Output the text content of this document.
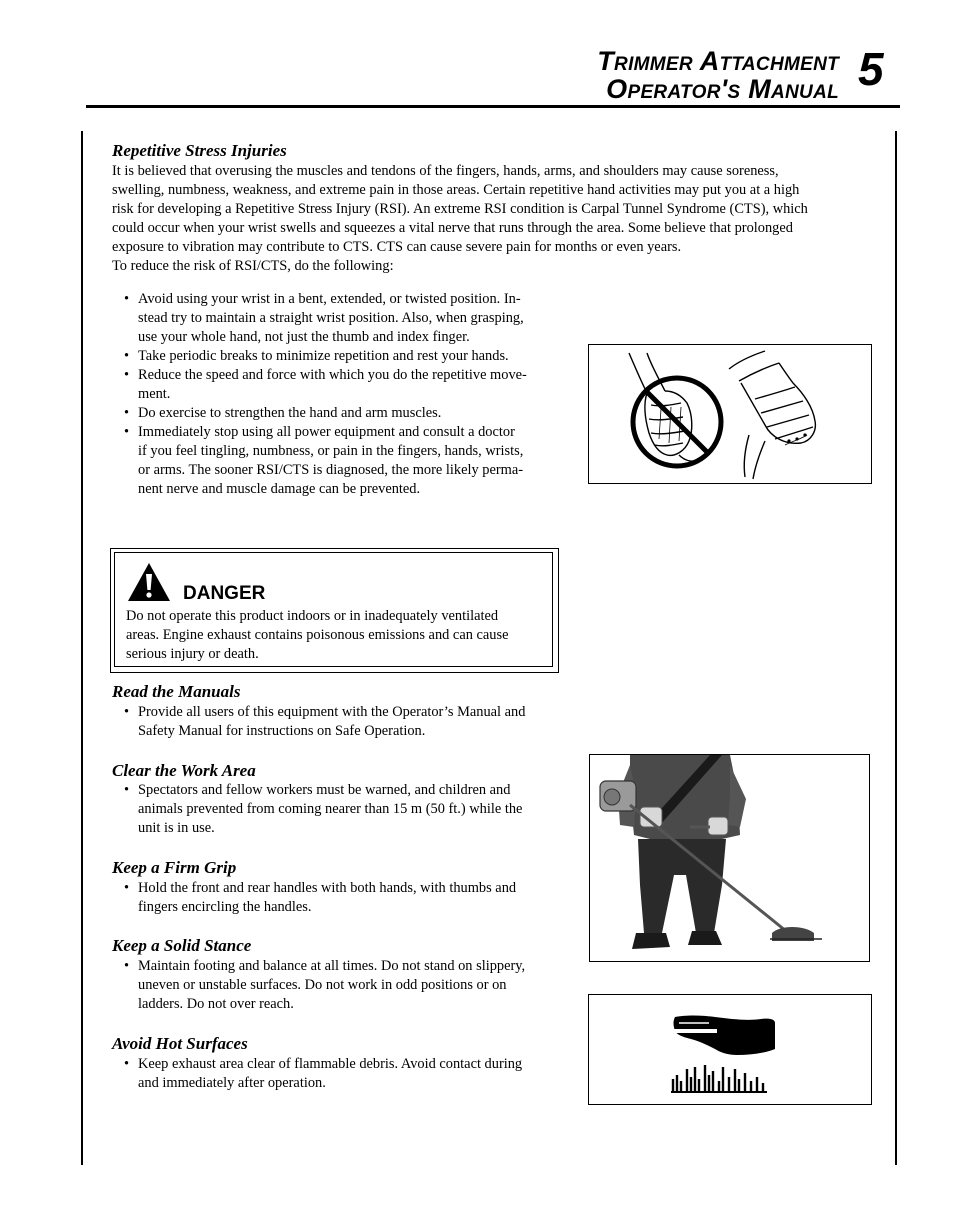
Trimmer Attachment
Operator's Manual 5
Repetitive Stress Injuries
It is believed that overusing the muscles and tendons of the fingers, hands, arms, and shoulders may cause soreness,
swelling, numbness, weakness, and extreme pain in those areas. Certain repetitive hand activities may put you at a high
risk for developing a Repetitive Stress Injury (RSI). An extreme RSI condition is Carpal Tunnel Syndrome (CTS), which
could occur when your wrist swells and squeezes a vital nerve that runs through the area. Some believe that prolonged
exposure to vibration may contribute to CTS. CTS can cause severe pain for months or even years.
To reduce the risk of RSI/CTS, do the following:
• Avoid using your wrist in a bent, extended, or twisted position. In-
stead try to maintain a straight wrist position. Also, when grasping,
use your whole hand, not just the thumb and index finger.
• Take periodic breaks to minimize repetition and rest your hands.
• Reduce the speed and force with which you do the repetitive move-
ment.
• Do exercise to strengthen the hand and arm muscles.
• Immediately stop using all power equipment and consult a doctor
if you feel tingling, numbness, or pain in the fingers, hands, wrists,
or arms. The sooner RSI/CTS is diagnosed, the more likely perma-
nent nerve and muscle damage can be prevented.
DANGER
Do not operate this product indoors or in inadequately ventilated
areas. Engine exhaust contains poisonous emissions and can cause
serious injury or death.
Read the Manuals
• Provide all users of this equipment with the Operator’s Manual and
Safety Manual for instructions on Safe Operation.
Clear the Work Area
• Spectators and fellow workers must be warned, and children and
animals prevented from coming nearer than 15 m (50 ft.) while the
unit is in use.
Keep a Firm Grip
• Hold the front and rear handles with both hands, with thumbs and
fingers encircling the handles.
Keep a Solid Stance
• Maintain footing and balance at all times. Do not stand on slippery,
uneven or unstable surfaces. Do not work in odd positions or on
ladders. Do not over reach.
Avoid Hot Surfaces
• Keep exhaust area clear of flammable debris. Avoid contact during
and immediately after operation.
